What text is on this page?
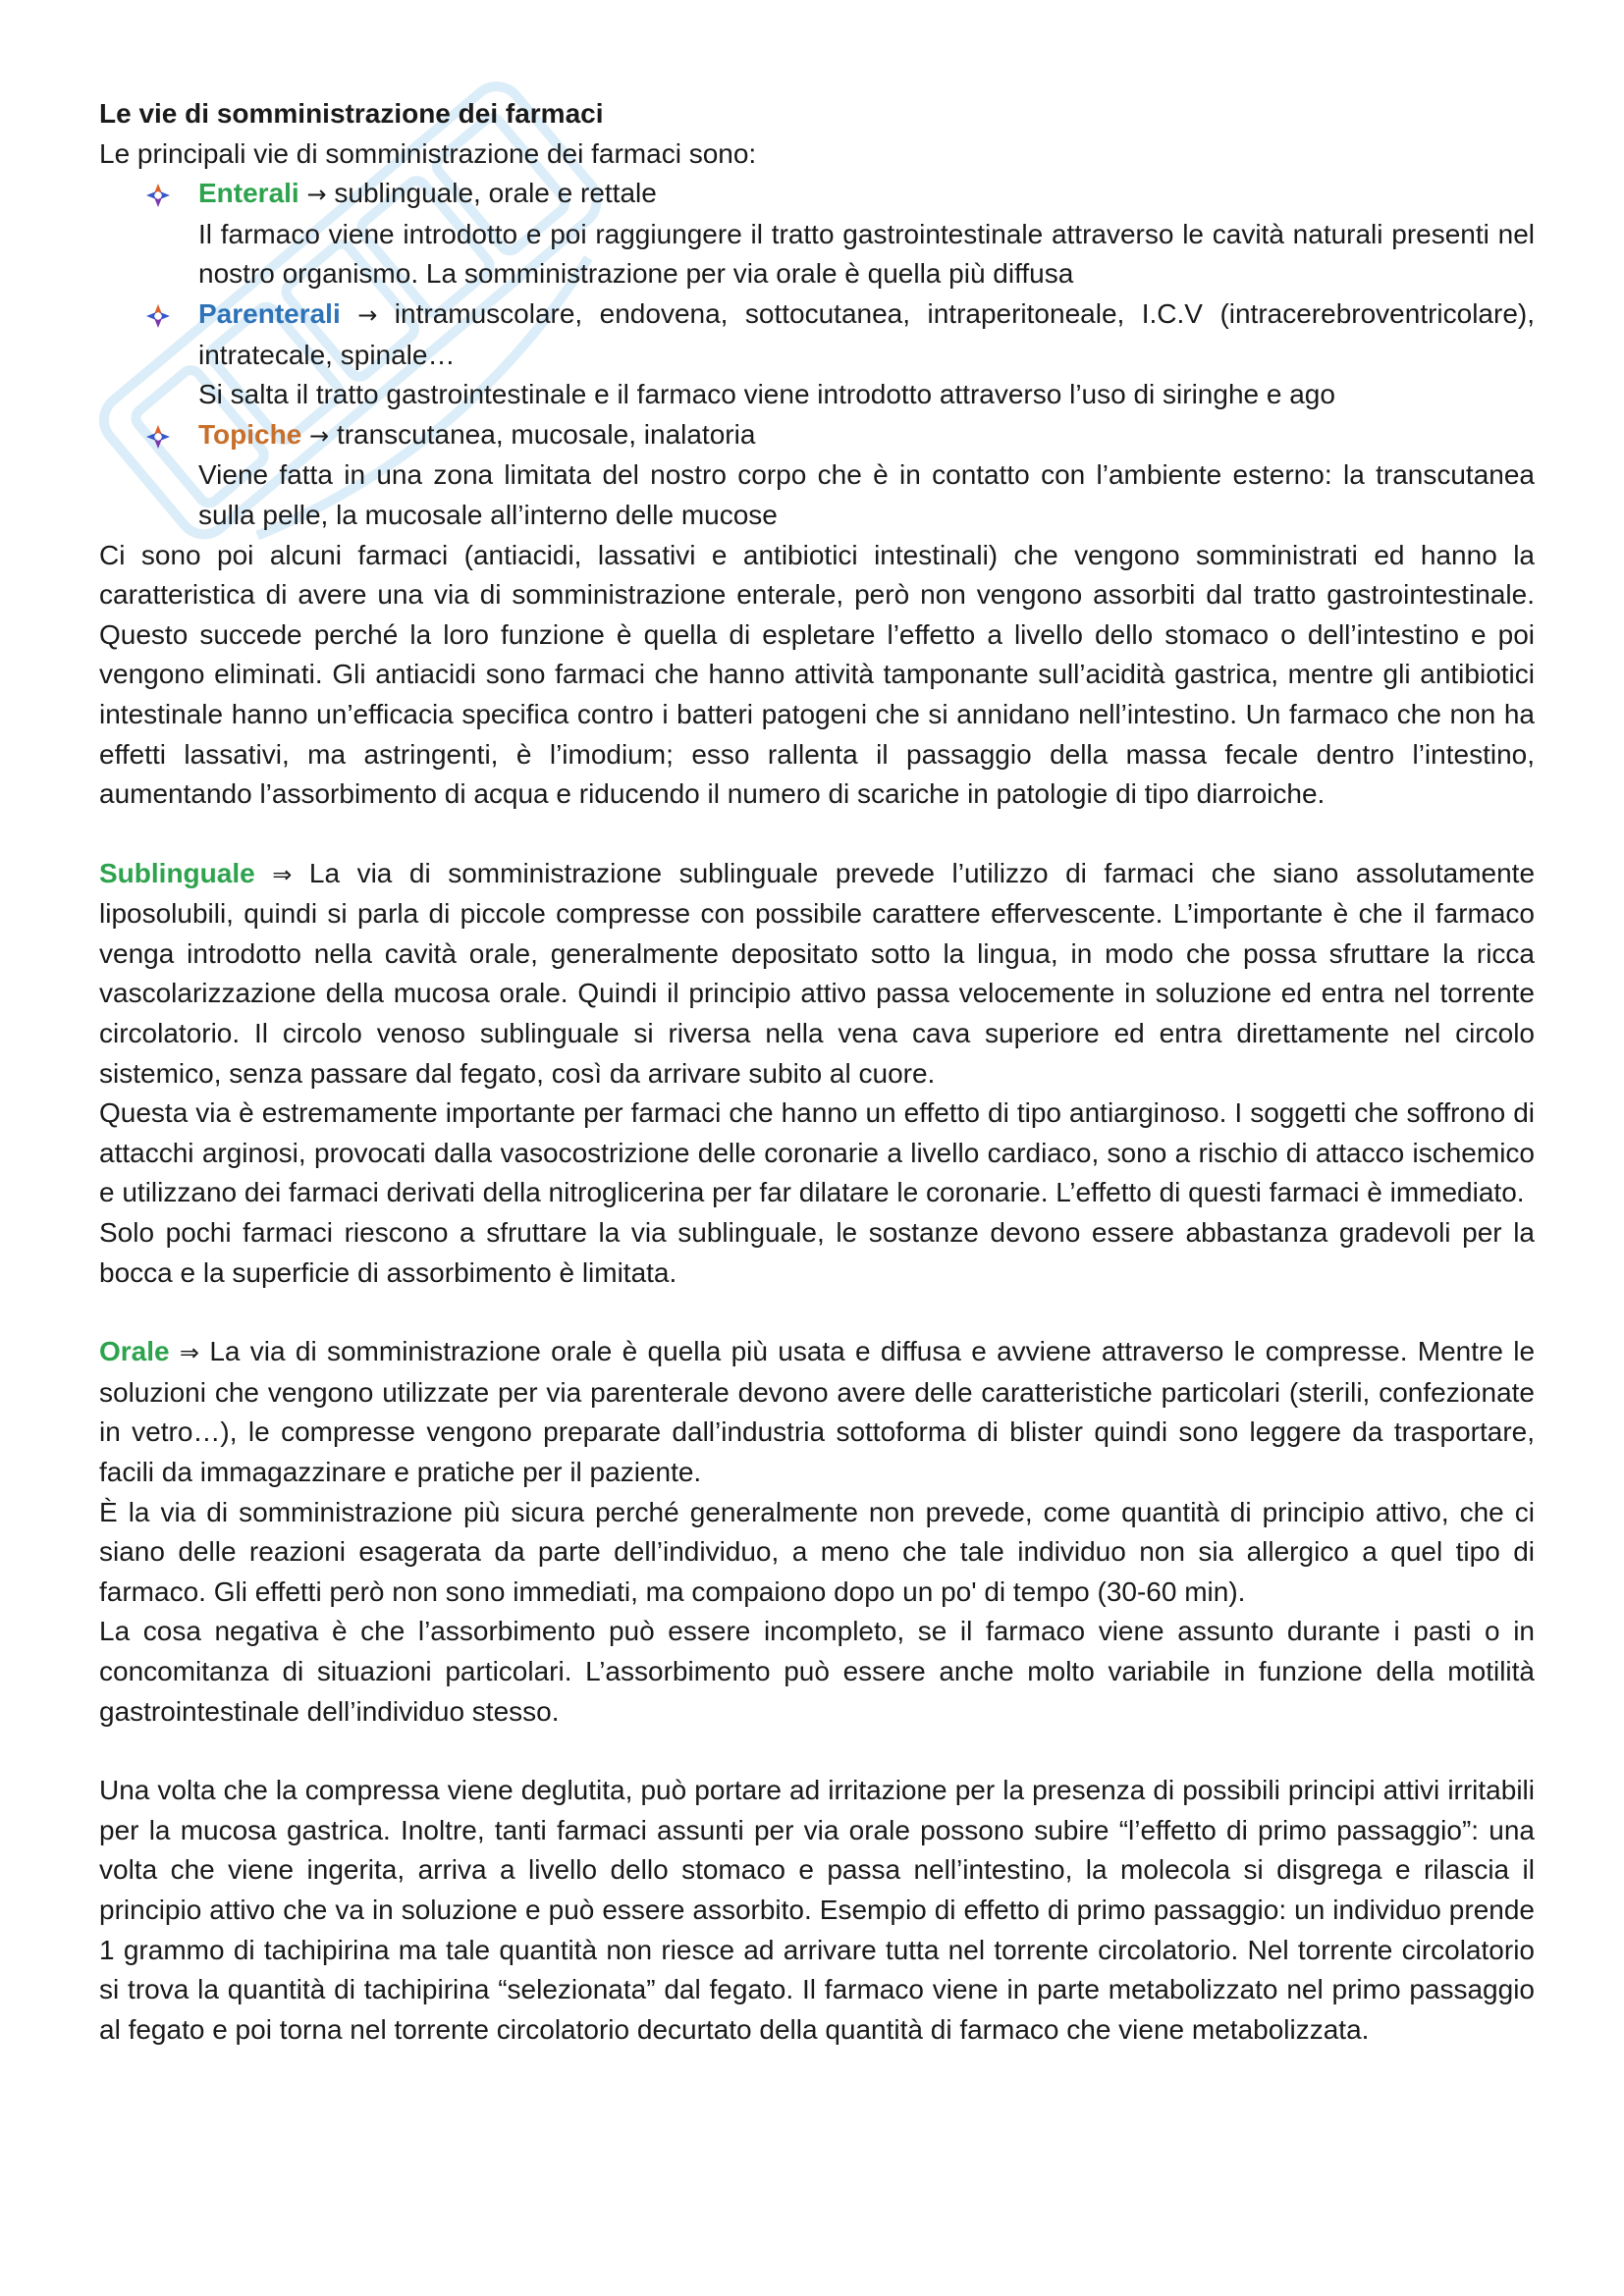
Le vie di somministrazione dei farmaci

Le principali vie di somministrazione dei farmaci sono:

Enterali → sublinguale, orale e rettale

Il farmaco viene introdotto e poi raggiungere il tratto gastrointestinale attraverso le cavità naturali presenti nel nostro organismo. La somministrazione per via orale è quella più diffusa

Parenterali → intramuscolare, endovena, sottocutanea, intraperitoneale, I.C.V (intracerebroventricolare), intratecale, spinale…

Si salta il tratto gastrointestinale e il farmaco viene introdotto attraverso l’uso di siringhe e ago

Topiche → transcutanea, mucosale, inalatoria

Viene fatta in una zona limitata del nostro corpo che è in contatto con l’ambiente esterno: la transcutanea sulla pelle, la mucosale all’interno delle mucose

Ci sono poi alcuni farmaci (antiacidi, lassativi e antibiotici intestinali) che vengono somministrati ed hanno la caratteristica di avere una via di somministrazione enterale, però non vengono assorbiti dal tratto gastrointestinale. Questo succede perché la loro funzione è quella di espletare l’effetto a livello dello stomaco o dell’intestino e poi vengono eliminati. Gli antiacidi sono farmaci che hanno attività tamponante sull’acidità gastrica, mentre gli antibiotici intestinale hanno un’efficacia specifica contro i batteri patogeni che si annidano nell’intestino. Un farmaco che non ha effetti lassativi, ma astringenti, è l’imodium; esso rallenta il passaggio della massa fecale dentro l’intestino, aumentando l’assorbimento di acqua e riducendo il numero di scariche in patologie di tipo diarroiche.

Sublinguale ⇒ La via di somministrazione sublinguale prevede l’utilizzo di farmaci che siano assolutamente liposolubili, quindi si parla di piccole compresse con possibile carattere effervescente. L’importante è che il farmaco venga introdotto nella cavità orale, generalmente depositato sotto la lingua, in modo che possa sfruttare la ricca vascolarizzazione della mucosa orale. Quindi il principio attivo passa velocemente in soluzione ed entra nel torrente circolatorio. Il circolo venoso sublinguale si riversa nella vena cava superiore ed entra direttamente nel circolo sistemico, senza passare dal fegato, così da arrivare subito al cuore.

Questa via è estremamente importante per farmaci che hanno un effetto di tipo antiarginoso. I soggetti che soffrono di attacchi arginosi, provocati dalla vasocostrizione delle coronarie a livello cardiaco, sono a rischio di attacco ischemico e utilizzano dei farmaci derivati della nitroglicerina per far dilatare le coronarie. L’effetto di questi farmaci è immediato.

Solo pochi farmaci riescono a sfruttare la via sublinguale, le sostanze devono essere abbastanza gradevoli per la bocca e la superficie di assorbimento è limitata.

Orale ⇒ La via di somministrazione orale è quella più usata e diffusa e avviene attraverso le compresse. Mentre le soluzioni che vengono utilizzate per via parenterale devono avere delle caratteristiche particolari (sterili, confezionate in vetro…), le compresse vengono preparate dall’industria sottoforma di blister quindi sono leggere da trasportare, facili da immagazzinare e pratiche per il paziente.

È la via di somministrazione più sicura perché generalmente non prevede, come quantità di principio attivo, che ci siano delle reazioni esagerata da parte dell’individuo, a meno che tale individuo non sia allergico a quel tipo di farmaco. Gli effetti però non sono immediati, ma compaiono dopo un po' di tempo (30-60 min).

La cosa negativa è che l’assorbimento può essere incompleto, se il farmaco viene assunto durante i pasti o in concomitanza di situazioni particolari. L’assorbimento può essere anche molto variabile in funzione della motilità gastrointestinale dell’individuo stesso.

Una volta che la compressa viene deglutita, può portare ad irritazione per la presenza di possibili principi attivi irritabili per la mucosa gastrica. Inoltre, tanti farmaci assunti per via orale possono subire “l’effetto di primo passaggio”: una volta che viene ingerita, arriva a livello dello stomaco e passa nell’intestino, la molecola si disgrega e rilascia il principio attivo che va in soluzione e può essere assorbito. Esempio di effetto di primo passaggio: un individuo prende 1 grammo di tachipirina ma tale quantità non riesce ad arrivare tutta nel torrente circolatorio. Nel torrente circolatorio si trova la quantità di tachipirina “selezionata” dal fegato. Il farmaco viene in parte metabolizzato nel primo passaggio al fegato e poi torna nel torrente circolatorio decurtato della quantità di farmaco che viene metabolizzata.
